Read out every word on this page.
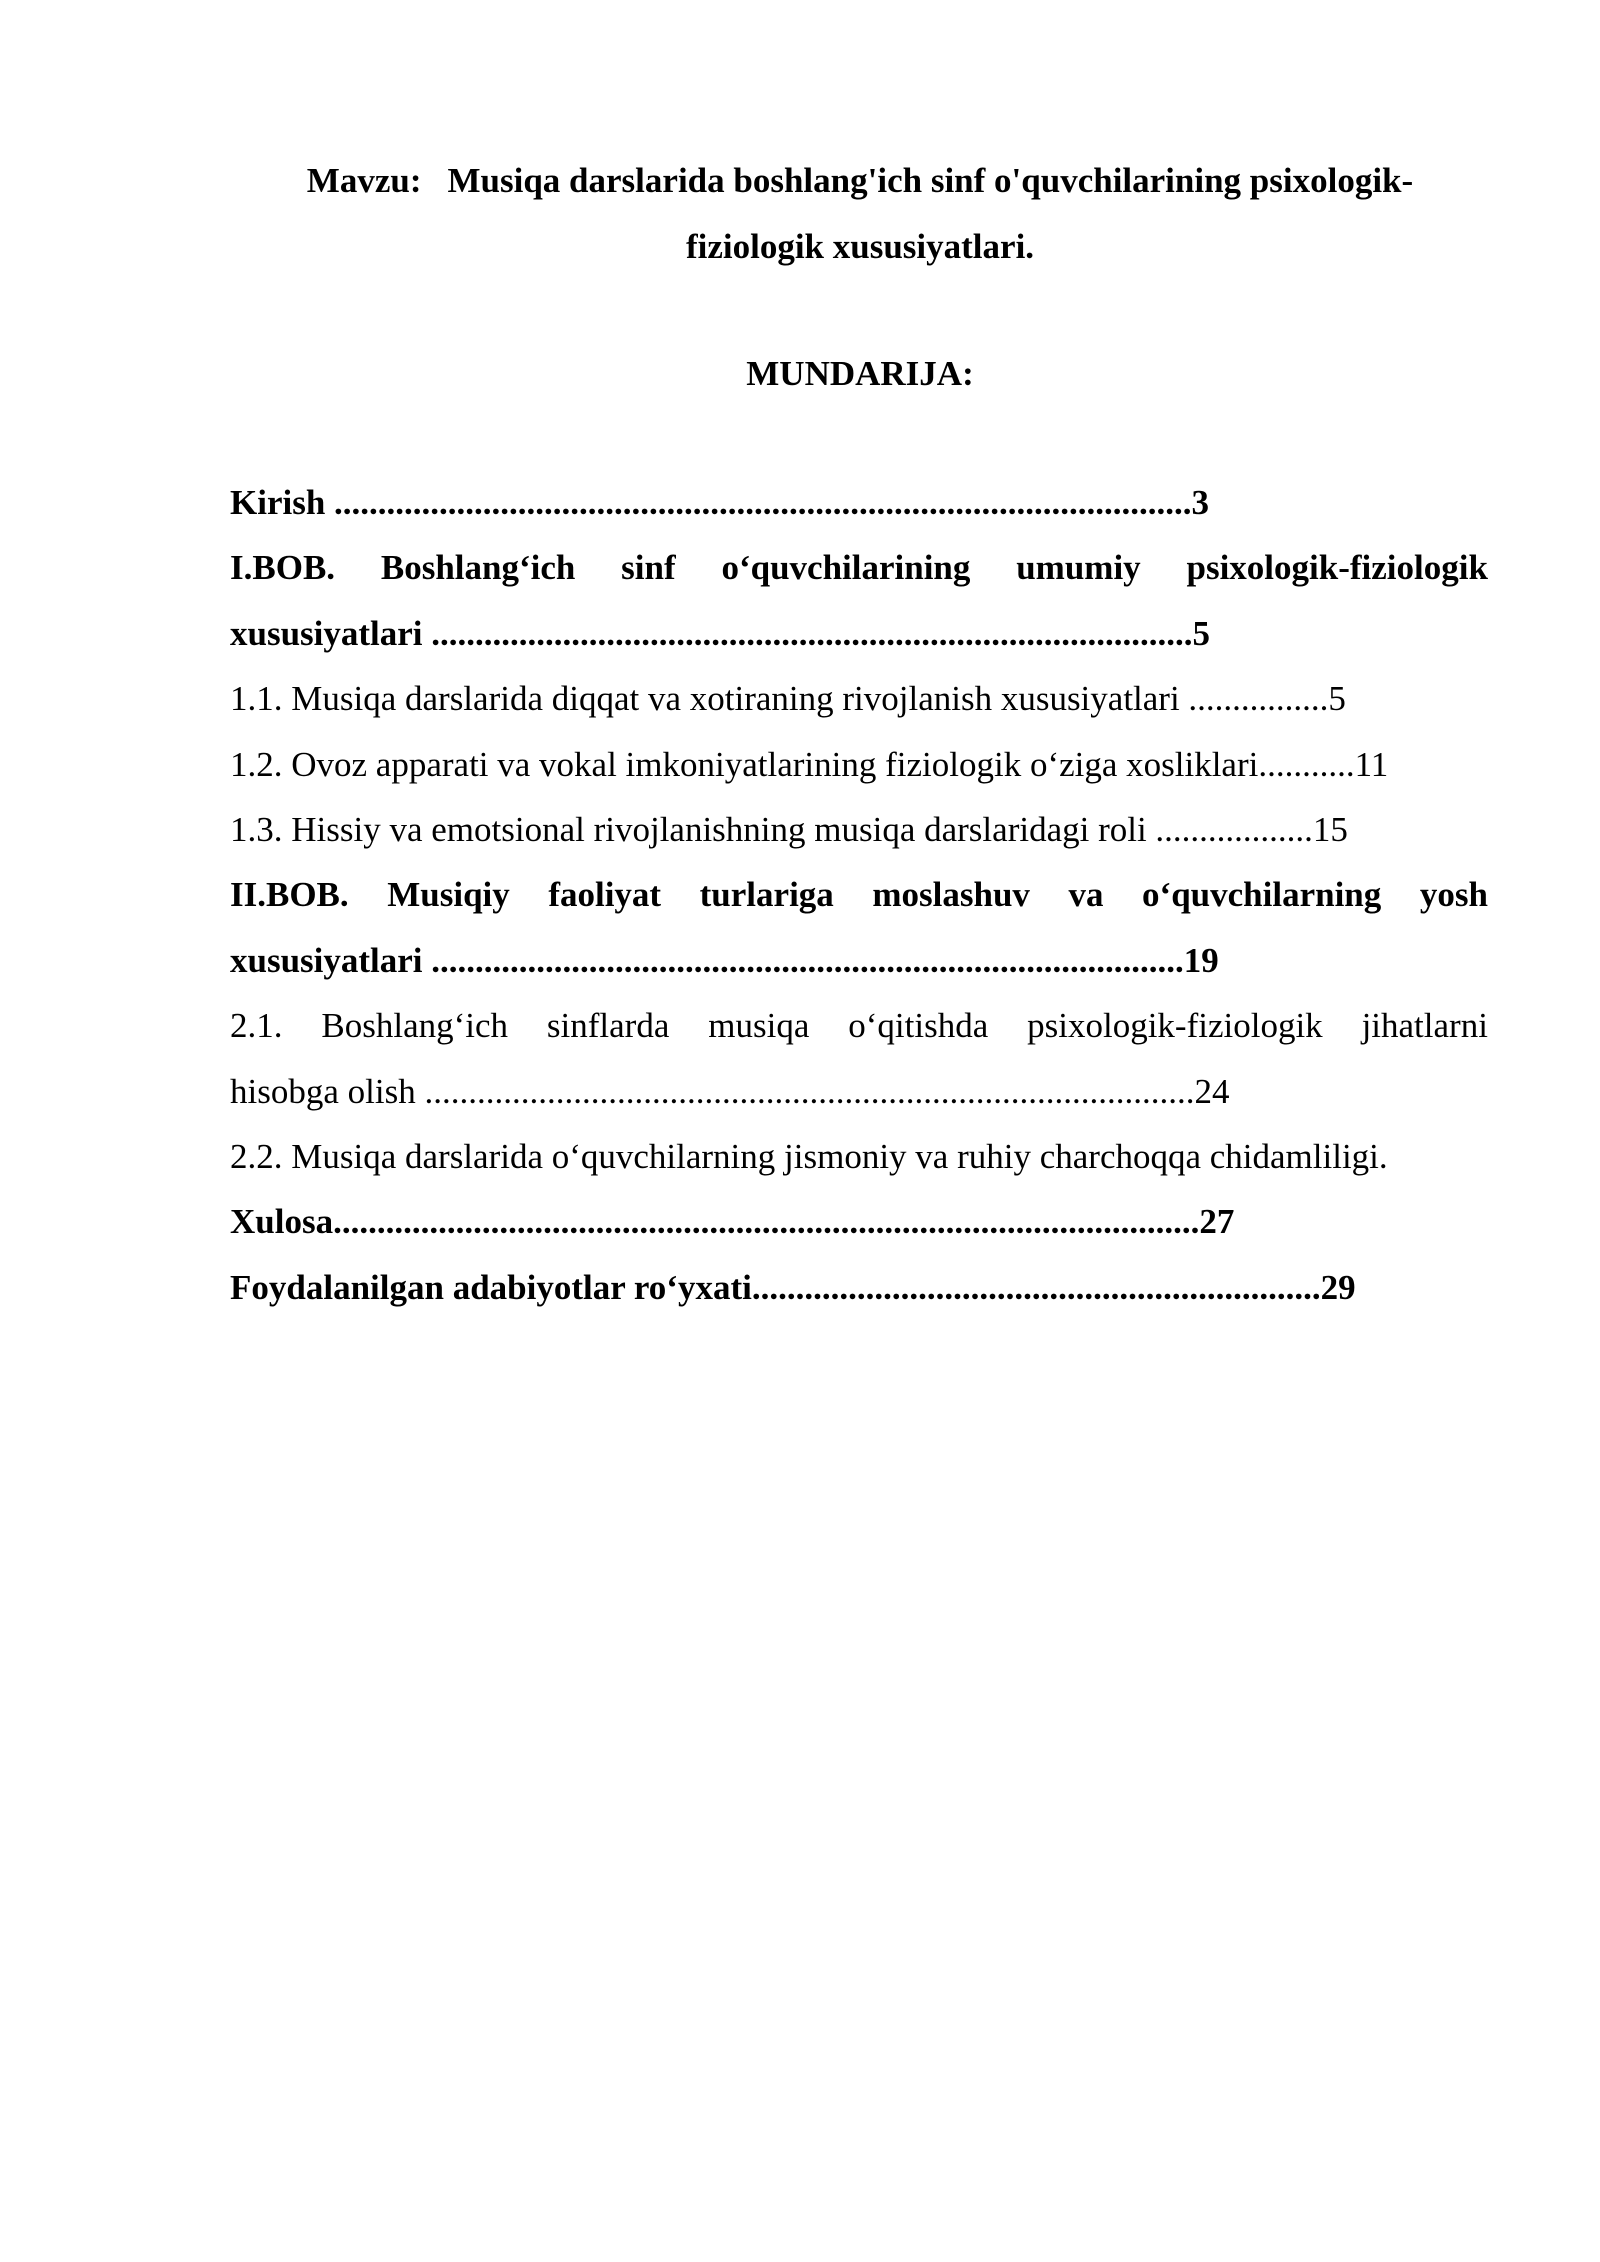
Mavzu: Musiqa darslarida boshlang'ich sinf o'quvchilarining psixologik-
fiziologik xususiyatlari.
MUNDARIJA:
Kirish ..................................................................................................3
I.BOB. Boshlang‘ich sinf o‘quvchilarining umumiy psixologik-fiziologik
xususiyatlari .......................................................................................5
1.1. Musiqa darslarida diqqat va xotiraning rivojlanish xususiyatlari ................5
1.2. Ovoz apparati va vokal imkoniyatlarining fiziologik o‘ziga xosliklari...........11
1.3. Hissiy va emotsional rivojlanishning musiqa darslaridagi roli ..................15
II.BOB. Musiqiy faoliyat turlariga moslashuv va o‘quvchilarning yosh
xususiyatlari ......................................................................................19
2.1. Boshlang‘ich sinflarda musiqa o‘qitishda psixologik-fiziologik jihatlarni
hisobga olish ........................................................................................24
2.2. Musiqa darslarida o‘quvchilarning jismoniy va ruhiy charchoqqa chidamliligi.
Xulosa...................................................................................................27
Foydalanilgan adabiyotlar ro‘yxati.................................................................29
